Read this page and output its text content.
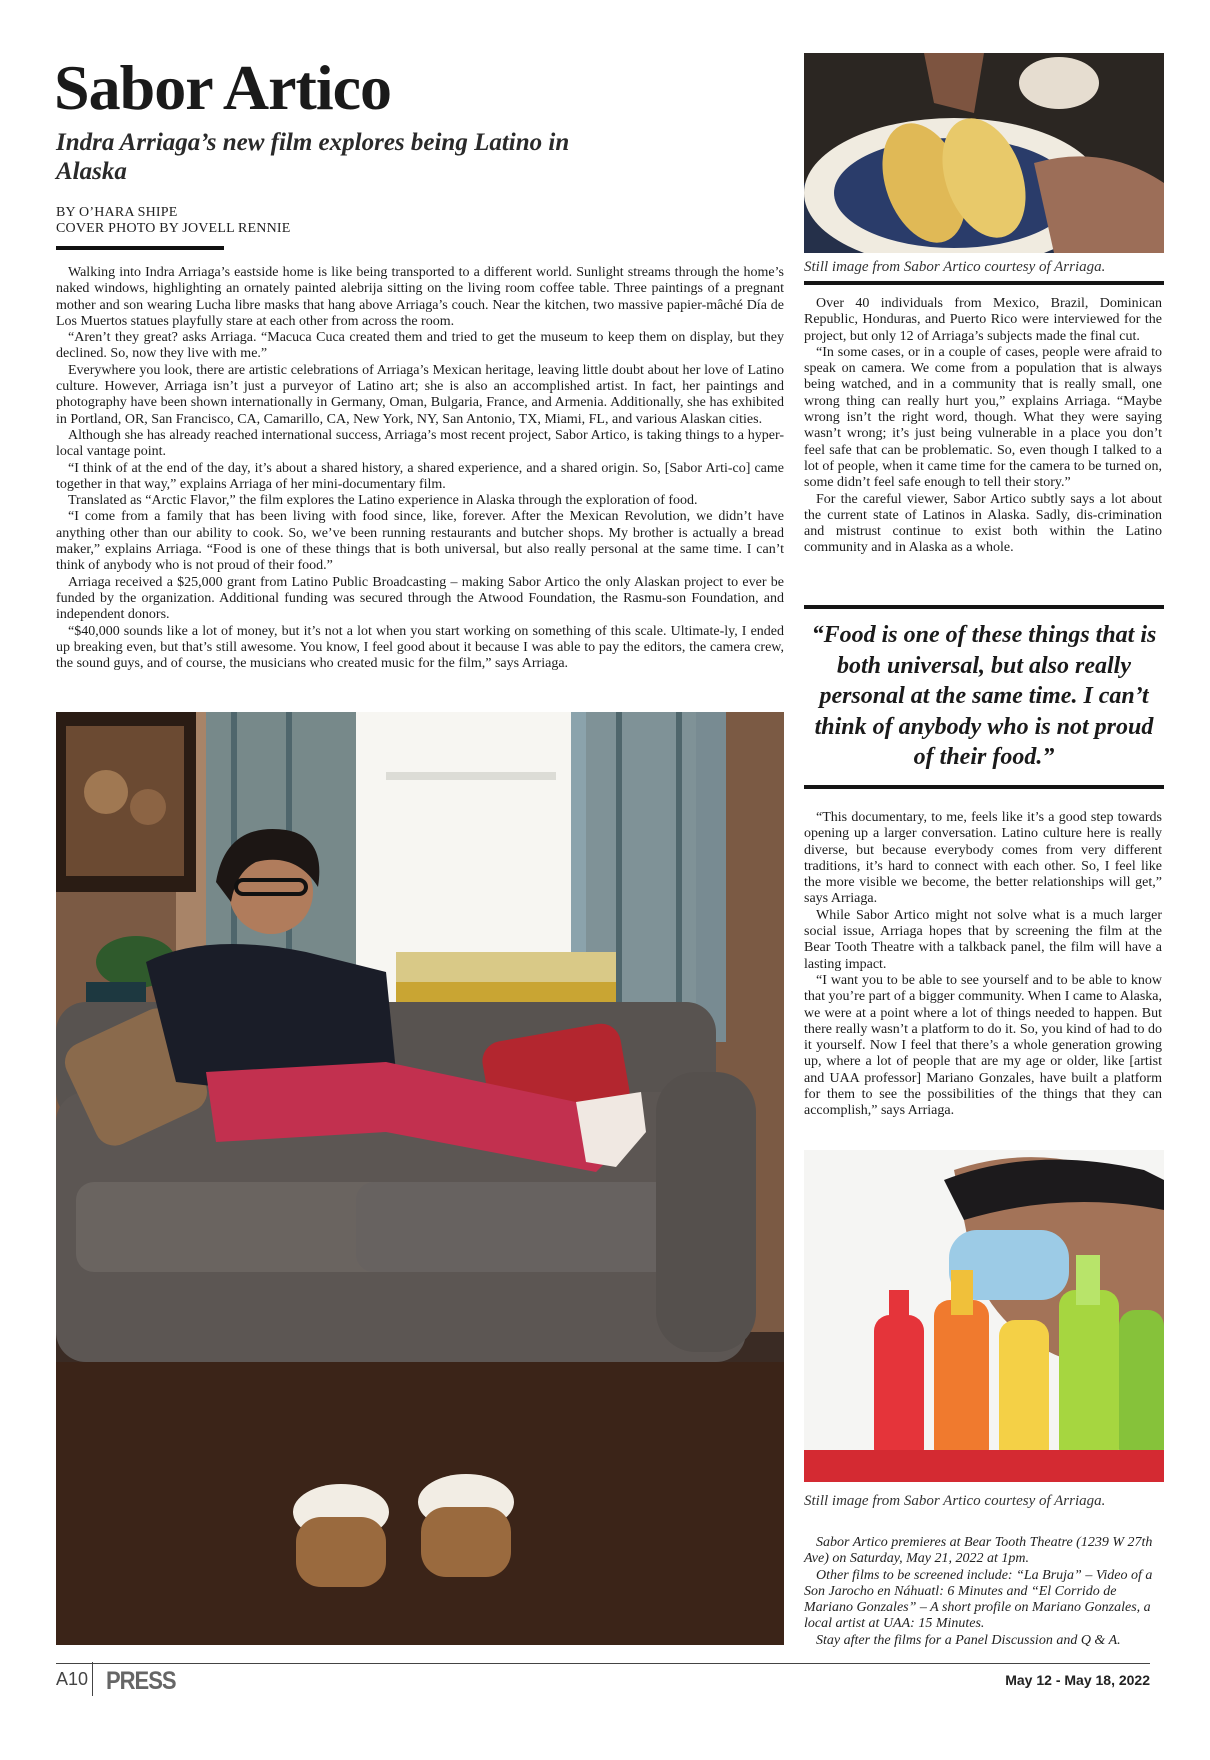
Sabor Artico
Indra Arriaga’s new film explores being Latino in Alaska
BY O’HARA SHIPE
COVER PHOTO BY JOVELL RENNIE

Walking into Indra Arriaga’s eastside home is like being transported to a different world. Sunlight streams through the home’s naked windows, highlighting an ornately painted alebrija sitting on the living room coffee table. Three paintings of a pregnant mother and son wearing Lucha libre masks that hang above Arriaga’s couch. Near the kitchen, two massive papier-mâché Día de Los Muertos statues playfully stare at each other from across the room.

“Aren’t they great? asks Arriaga. “Macuca Cuca created them and tried to get the museum to keep them on display, but they declined. So, now they live with me.”

Everywhere you look, there are artistic celebrations of Arriaga’s Mexican heritage, leaving little doubt about her love of Latino culture. However, Arriaga isn’t just a purveyor of Latino art; she is also an accomplished artist. In fact, her paintings and photography have been shown internationally in Germany, Oman, Bulgaria, France, and Armenia. Additionally, she has exhibited in Portland, OR, San Francisco, CA, Camarillo, CA, New York, NY, San Antonio, TX, Miami, FL, and various Alaskan cities.

Although she has already reached international success, Arriaga’s most recent project, Sabor Artico, is taking things to a hyper-local vantage point.

“I think of at the end of the day, it’s about a shared history, a shared experience, and a shared origin. So, [Sabor Arti-co] came together in that way,” explains Arriaga of her mini-documentary film.

Translated as “Arctic Flavor,” the film explores the Latino experience in Alaska through the exploration of food.

“I come from a family that has been living with food since, like, forever. After the Mexican Revolution, we didn’t have anything other than our ability to cook. So, we’ve been running restaurants and butcher shops. My brother is actually a bread maker,” explains Arriaga. “Food is one of these things that is both universal, but also really personal at the same time. I can’t think of anybody who is not proud of their food.”

Arriaga received a $25,000 grant from Latino Public Broadcasting – making Sabor Artico the only Alaskan project to ever be funded by the organization. Additional funding was secured through the Atwood Foundation, the Rasmu-son Foundation, and independent donors.

“$40,000 sounds like a lot of money, but it’s not a lot when you start working on something of this scale. Ultimate-ly, I ended up breaking even, but that’s still awesome. You know, I feel good about it because I was able to pay the editors, the camera crew, the sound guys, and of course, the musicians who created music for the film,” says Arriaga.

Still image from Sabor Artico courtesy of Arriaga.

Over 40 individuals from Mexico, Brazil, Dominican Republic, Honduras, and Puerto Rico were interviewed for the project, but only 12 of Arriaga’s subjects made the final cut.

“In some cases, or in a couple of cases, people were afraid to speak on camera. We come from a population that is always being watched, and in a community that is really small, one wrong thing can really hurt you,” explains Arriaga. “Maybe wrong isn’t the right word, though. What they were saying wasn’t wrong; it’s just being vulnerable in a place you don’t feel safe that can be problematic. So, even though I talked to a lot of people, when it came time for the camera to be turned on, some didn’t feel safe enough to tell their story.”

For the careful viewer, Sabor Artico subtly says a lot about the current state of Latinos in Alaska. Sadly, dis-crimination and mistrust continue to exist both within the Latino community and in Alaska as a whole.

“Food is one of these things that is both universal, but also really personal at the same time. I can’t think of anybody who is not proud of their food.”

“This documentary, to me, feels like it’s a good step towards opening up a larger conversation. Latino culture here is really diverse, but because everybody comes from very different traditions, it’s hard to connect with each other. So, I feel like the more visible we become, the better relationships will get,” says Arriaga.

While Sabor Artico might not solve what is a much larger social issue, Arriaga hopes that by screening the film at the Bear Tooth Theatre with a talkback panel, the film will have a lasting impact.

“I want you to be able to see yourself and to be able to know that you’re part of a bigger community. When I came to Alaska, we were at a point where a lot of things needed to happen. But there really wasn’t a platform to do it. So, you kind of had to do it yourself. Now I feel that there’s a whole generation growing up, where a lot of people that are my age or older, like [artist and UAA professor] Mariano Gonzales, have built a platform for them to see the possibilities of the things that they can accomplish,” says Arriaga.

Still image from Sabor Artico courtesy of Arriaga.

Sabor Artico premieres at Bear Tooth Theatre (1239 W 27th Ave) on Saturday, May 21, 2022 at 1pm.

Other films to be screened include: “La Bruja” – Video of a Son Jarocho en Náhuatl: 6 Minutes and “El Corrido de Mariano Gonzales” – A short profile on Mariano Gonzales, a local artist at UAA: 15 Minutes.

Stay after the films for a Panel Discussion and Q & A.

A10 PRESS	May 12 - May 18, 2022
